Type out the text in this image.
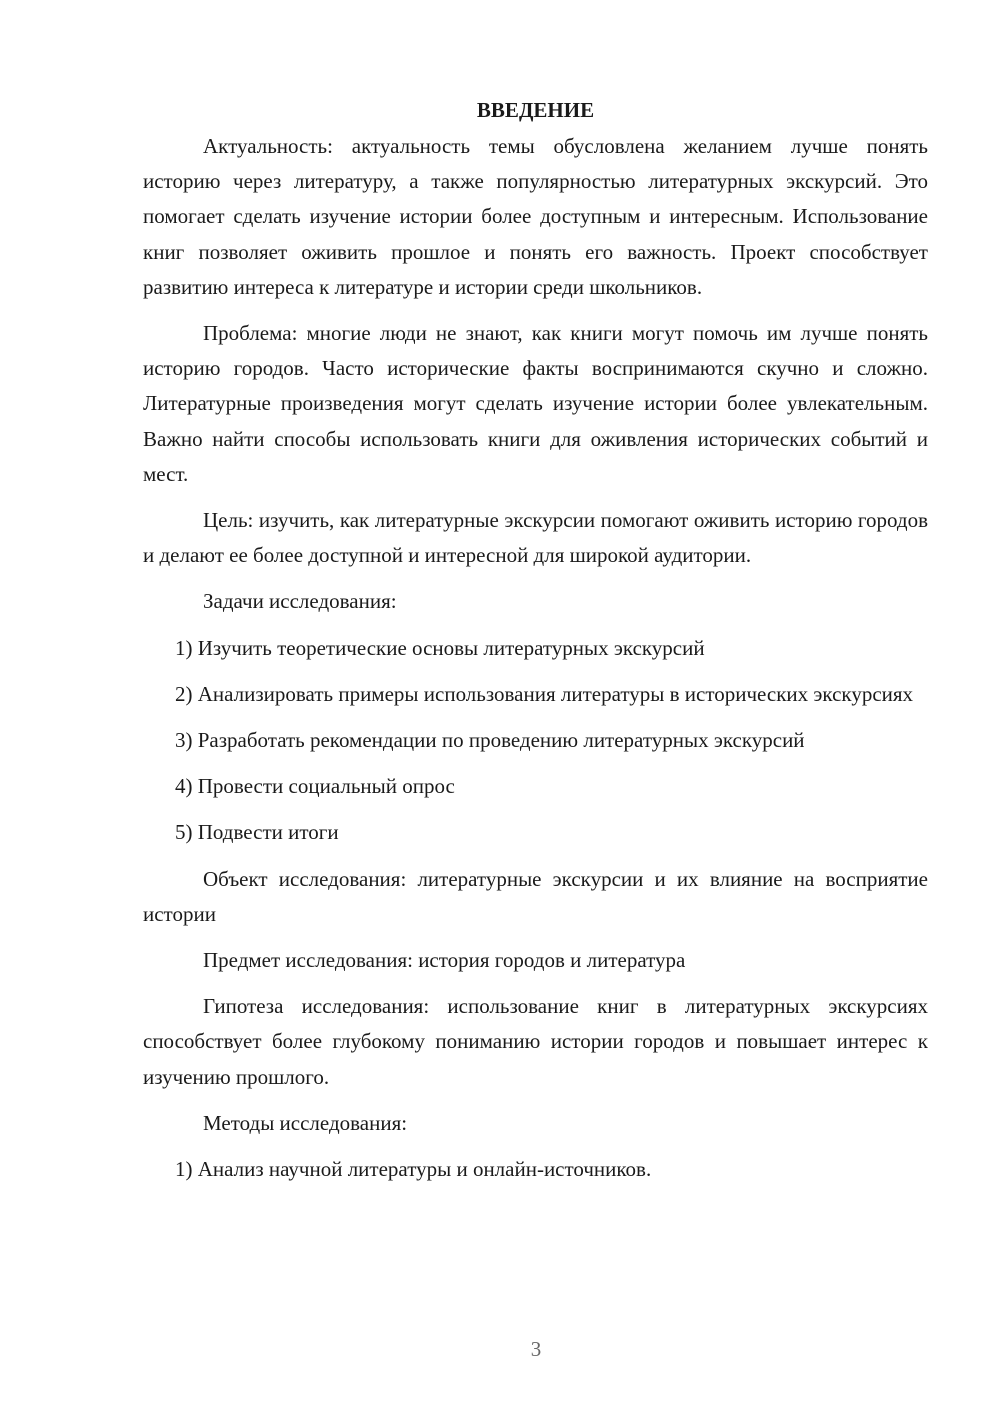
ВВЕДЕНИЕ

Актуальность: актуальность темы обусловлена желанием лучше понять историю через литературу, а также популярностью литературных экскурсий. Это помогает сделать изучение истории более доступным и интересным. Использование книг позволяет оживить прошлое и понять его важность. Проект способствует развитию интереса к литературе и истории среди школьников.

Проблема: многие люди не знают, как книги могут помочь им лучше понять историю городов. Часто исторические факты воспринимаются скучно и сложно. Литературные произведения могут сделать изучение истории более увлекательным. Важно найти способы использовать книги для оживления исторических событий и мест.

Цель: изучить, как литературные экскурсии помогают оживить историю городов и делают ее более доступной и интересной для широкой аудитории.

Задачи исследования:

1) Изучить теоретические основы литературных экскурсий

2) Анализировать примеры использования литературы в исторических экскурсиях

3) Разработать рекомендации по проведению литературных экскурсий

4) Провести социальный опрос

5) Подвести итоги

Объект исследования: литературные экскурсии и их влияние на восприятие истории

Предмет исследования: история городов и литература

Гипотеза исследования: использование книг в литературных экскурсиях способствует более глубокому пониманию истории городов и повышает интерес к изучению прошлого.

Методы исследования:

1) Анализ научной литературы и онлайн-источников.

3
